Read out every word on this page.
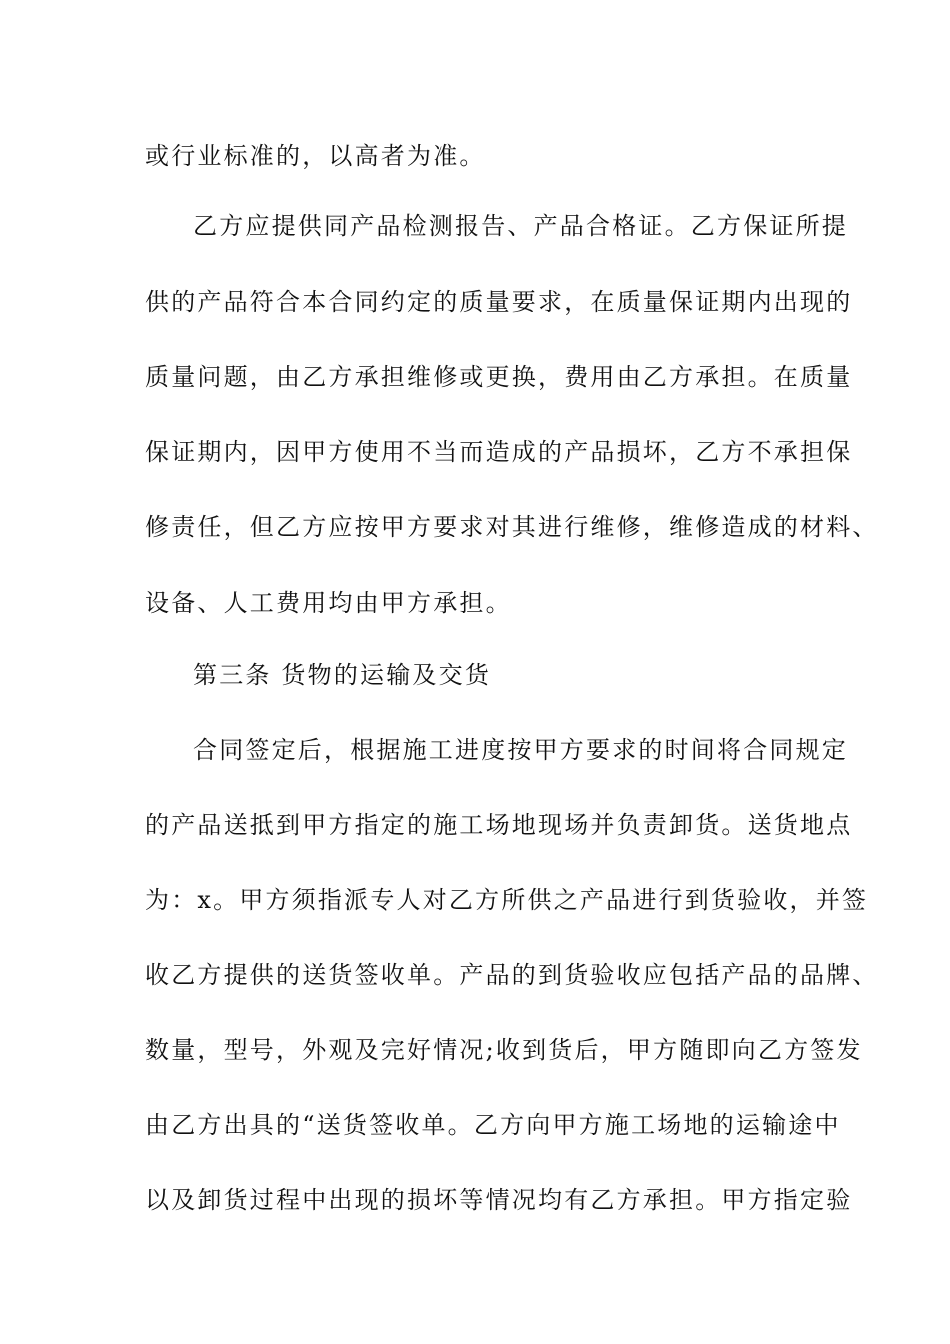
或行业标准的，以高者为准。
乙方应提供同产品检测报告、产品合格证。乙方保证所提
供的产品符合本合同约定的质量要求，在质量保证期内出现的
质量问题，由乙方承担维修或更换，费用由乙方承担。在质量
保证期内，因甲方使用不当而造成的产品损坏，乙方不承担保
修责任，但乙方应按甲方要求对其进行维修，维修造成的材料、
设备、人工费用均由甲方承担。
第三条 货物的运输及交货
合同签定后，根据施工进度按甲方要求的时间将合同规定
的产品送抵到甲方指定的施工场地现场并负责卸货。送货地点
为：x。甲方须指派专人对乙方所供之产品进行到货验收，并签
收乙方提供的送货签收单。产品的到货验收应包括产品的品牌、
数量，型号，外观及完好情况;收到货后，甲方随即向乙方签发
由乙方出具的“送货签收单。乙方向甲方施工场地的运输途中
以及卸货过程中出现的损坏等情况均有乙方承担。甲方指定验
